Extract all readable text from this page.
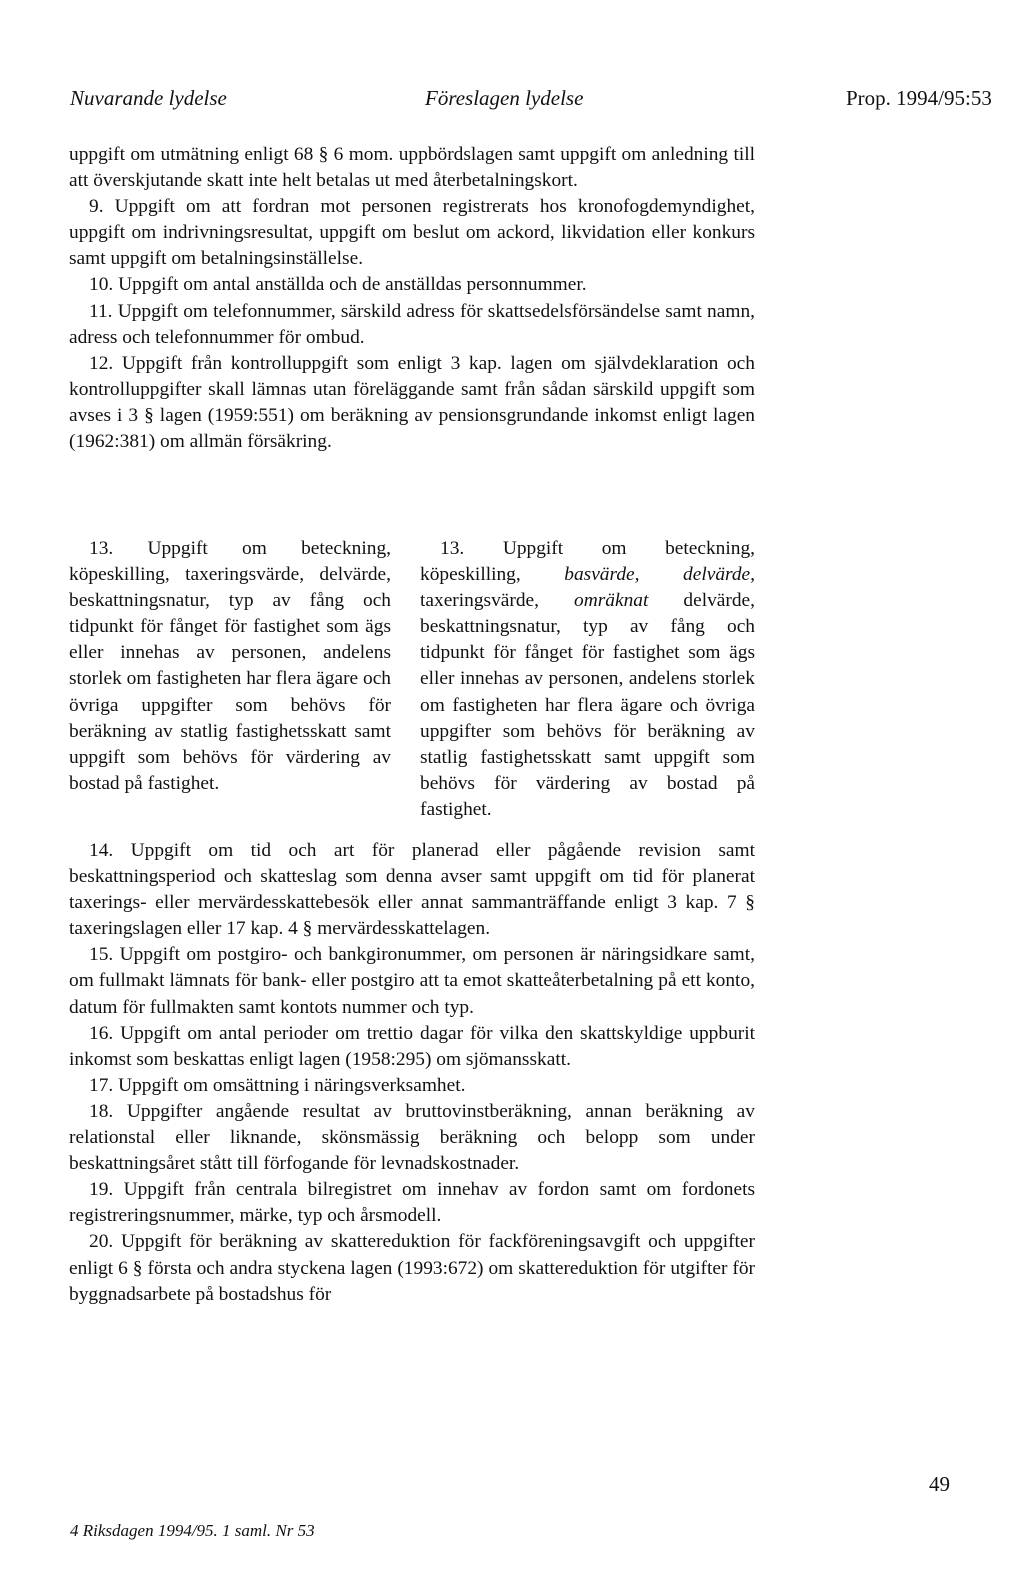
Nuvarande lydelse	Föreslagen lydelse	Prop. 1994/95:53

uppgift om utmätning enligt 68 § 6 mom. uppbördslagen samt uppgift om anledning till att överskjutande skatt inte helt betalas ut med återbetalningskort.

9. Uppgift om att fordran mot personen registrerats hos kronofogdemyndighet, uppgift om indrivningsresultat, uppgift om beslut om ackord, likvidation eller konkurs samt uppgift om betalningsinställelse.

10. Uppgift om antal anställda och de anställdas personnummer.

11. Uppgift om telefonnummer, särskild adress för skattsedelsförsändelse samt namn, adress och telefonnummer för ombud.

12. Uppgift från kontrolluppgift som enligt 3 kap. lagen om självdeklaration och kontrolluppgifter skall lämnas utan föreläggande samt från sådan särskild uppgift som avses i 3 § lagen (1959:551) om beräkning av pensionsgrundande inkomst enligt lagen (1962:381) om allmän försäkring.

13. Uppgift om beteckning, köpeskilling, taxeringsvärde, delvärde, beskattningsnatur, typ av fång och tidpunkt för fånget för fastighet som ägs eller innehas av personen, andelens storlek om fastigheten har flera ägare och övriga uppgifter som behövs för beräkning av statlig fastighetsskatt samt uppgift som behövs för värdering av bostad på fastighet.

13. Uppgift om beteckning, köpeskilling, basvärde, delvärde, taxeringsvärde, omräknat delvärde, beskattningsnatur, typ av fång och tidpunkt för fånget för fastighet som ägs eller innehas av personen, andelens storlek om fastigheten har flera ägare och övriga uppgifter som behövs för beräkning av statlig fastighetsskatt samt uppgift som behövs för värdering av bostad på fastighet.

14. Uppgift om tid och art för planerad eller pågående revision samt beskattningsperiod och skatteslag som denna avser samt uppgift om tid för planerat taxerings- eller mervärdesskattebesök eller annat sammanträffande enligt 3 kap. 7 § taxeringslagen eller 17 kap. 4 § mervärdesskattelagen.

15. Uppgift om postgiro- och bankgironummer, om personen är näringsidkare samt, om fullmakt lämnats för bank- eller postgiro att ta emot skatteåterbetalning på ett konto, datum för fullmakten samt kontots nummer och typ.

16. Uppgift om antal perioder om trettio dagar för vilka den skattskyldige uppburit inkomst som beskattas enligt lagen (1958:295) om sjömansskatt.

17. Uppgift om omsättning i näringsverksamhet.

18. Uppgifter angående resultat av bruttovinstberäkning, annan beräkning av relationstal eller liknande, skönsmässig beräkning och belopp som under beskattningsåret stått till förfogande för levnadskostnader.

19. Uppgift från centrala bilregistret om innehav av fordon samt om fordonets registreringsnummer, märke, typ och årsmodell.

20. Uppgift för beräkning av skattereduktion för fackföreningsavgift och uppgifter enligt 6 § första och andra styckena lagen (1993:672) om skattereduktion för utgifter för byggnadsarbete på bostadshus för

4 Riksdagen 1994/95. 1 saml. Nr 53
49
